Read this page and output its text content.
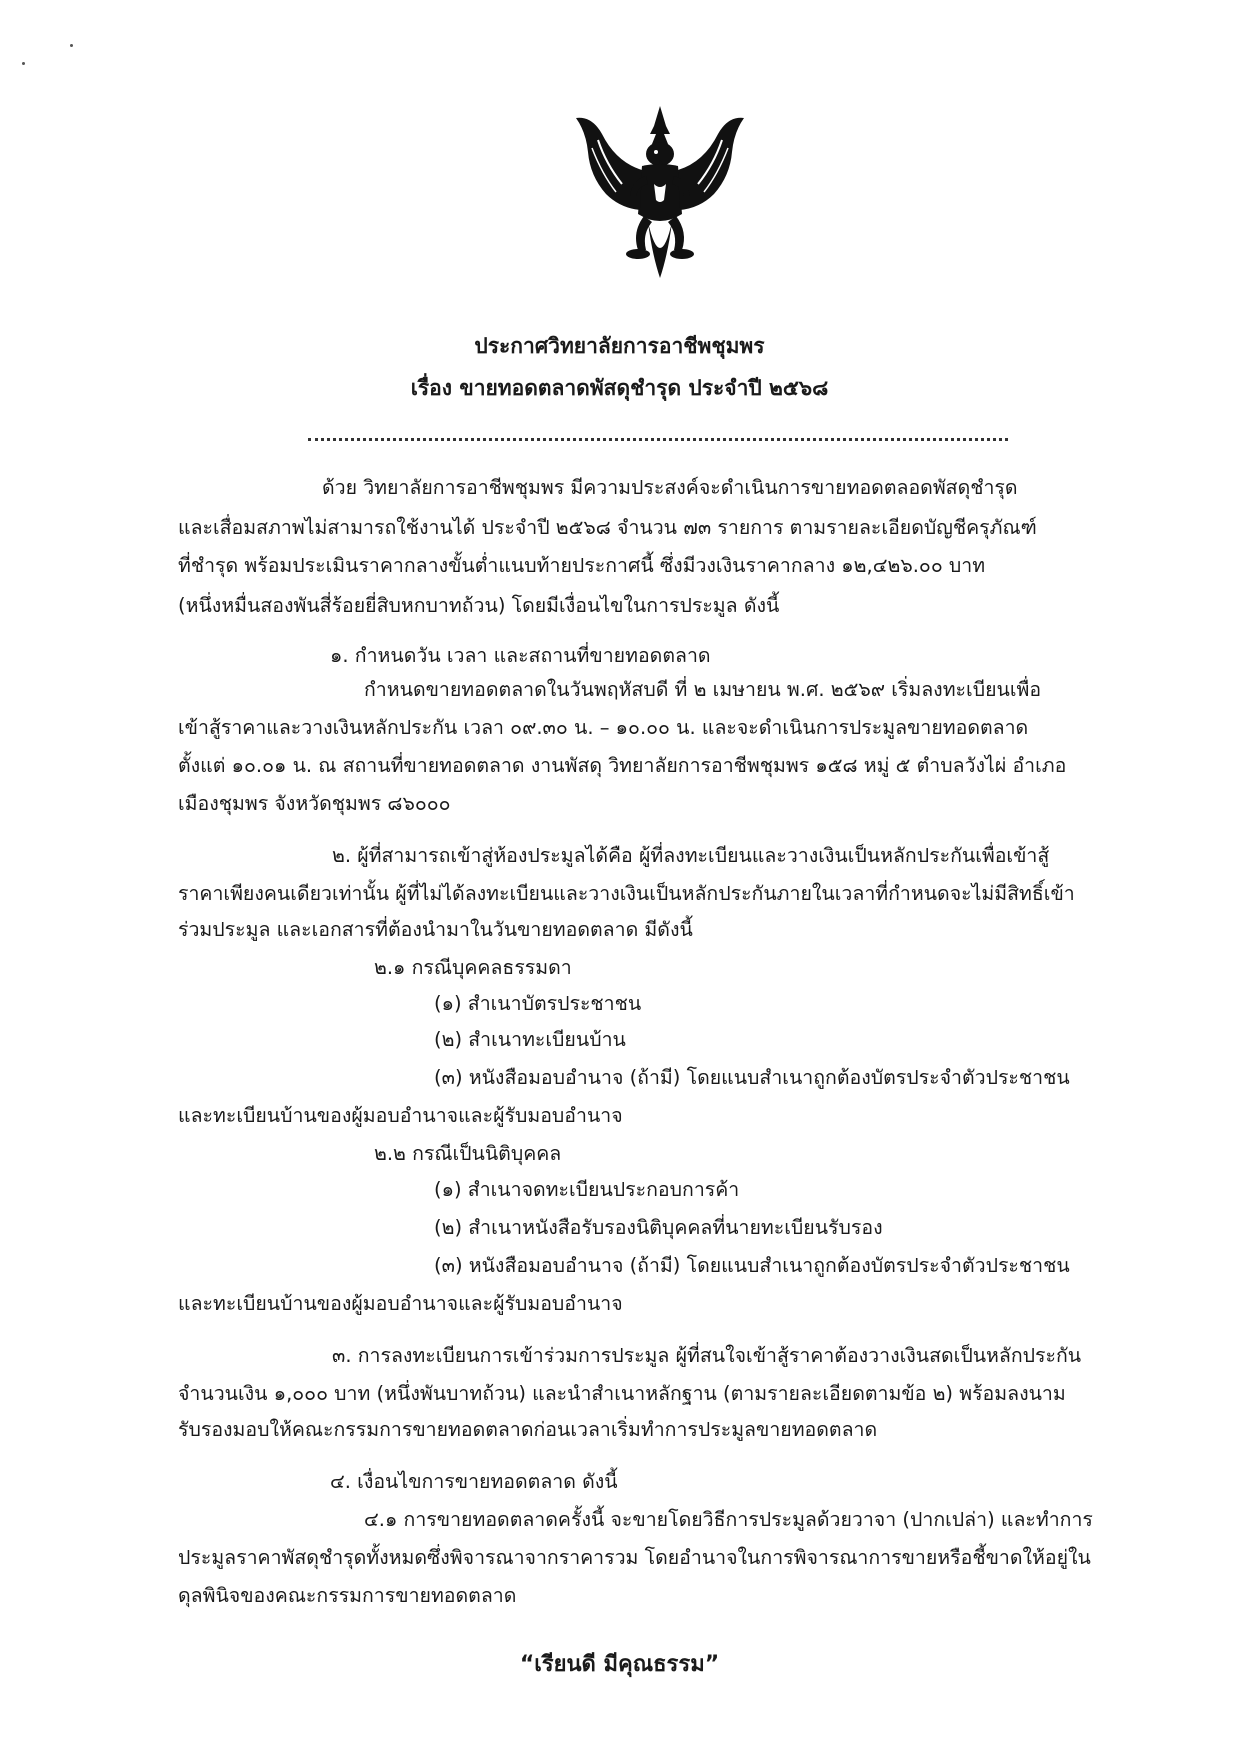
ประกาศวิทยาลัยการอาชีพชุมพร
เรื่อง ขายทอดตลาดพัสดุชำรุด ประจำปี ๒๕๖๘
ด้วย วิทยาลัยการอาชีพชุมพร มีความประสงค์จะดำเนินการขายทอดตลอดพัสดุชำรุด
และเสื่อมสภาพไม่สามารถใช้งานได้ ประจำปี ๒๕๖๘ จำนวน ๗๓ รายการ ตามรายละเอียดบัญชีครุภัณฑ์
ที่ชำรุด พร้อมประเมินราคากลางขั้นต่ำแนบท้ายประกาศนี้ ซึ่งมีวงเงินราคากลาง ๑๒,๔๒๖.๐๐ บาท
(หนึ่งหมื่นสองพันสี่ร้อยยี่สิบหกบาทถ้วน) โดยมีเงื่อนไขในการประมูล ดังนี้
๑. กำหนดวัน เวลา และสถานที่ขายทอดตลาด
กำหนดขายทอดตลาดในวันพฤหัสบดี ที่ ๒ เมษายน พ.ศ. ๒๕๖๙ เริ่มลงทะเบียนเพื่อ
เข้าสู้ราคาและวางเงินหลักประกัน เวลา ๐๙.๓๐ น. – ๑๐.๐๐ น. และจะดำเนินการประมูลขายทอดตลาด
ตั้งแต่ ๑๐.๐๑ น. ณ สถานที่ขายทอดตลาด งานพัสดุ วิทยาลัยการอาชีพชุมพร ๑๕๘ หมู่ ๕ ตำบลวังไผ่ อำเภอ
เมืองชุมพร จังหวัดชุมพร ๘๖๐๐๐
๒. ผู้ที่สามารถเข้าสู่ห้องประมูลได้คือ ผู้ที่ลงทะเบียนและวางเงินเป็นหลักประกันเพื่อเข้าสู้
ราคาเพียงคนเดียวเท่านั้น ผู้ที่ไม่ได้ลงทะเบียนและวางเงินเป็นหลักประกันภายในเวลาที่กำหนดจะไม่มีสิทธิ์เข้า
ร่วมประมูล และเอกสารที่ต้องนำมาในวันขายทอดตลาด มีดังนี้
๒.๑ กรณีบุคคลธรรมดา
(๑) สำเนาบัตรประชาชน
(๒) สำเนาทะเบียนบ้าน
(๓) หนังสือมอบอำนาจ (ถ้ามี) โดยแนบสำเนาถูกต้องบัตรประจำตัวประชาชน
และทะเบียนบ้านของผู้มอบอำนาจและผู้รับมอบอำนาจ
๒.๒ กรณีเป็นนิติบุคคล
(๑) สำเนาจดทะเบียนประกอบการค้า
(๒) สำเนาหนังสือรับรองนิติบุคคลที่นายทะเบียนรับรอง
(๓) หนังสือมอบอำนาจ (ถ้ามี) โดยแนบสำเนาถูกต้องบัตรประจำตัวประชาชน
และทะเบียนบ้านของผู้มอบอำนาจและผู้รับมอบอำนาจ
๓. การลงทะเบียนการเข้าร่วมการประมูล ผู้ที่สนใจเข้าสู้ราคาต้องวางเงินสดเป็นหลักประกัน
จำนวนเงิน ๑,๐๐๐ บาท (หนึ่งพันบาทถ้วน) และนำสำเนาหลักฐาน (ตามรายละเอียดตามข้อ ๒) พร้อมลงนาม
รับรองมอบให้คณะกรรมการขายทอดตลาดก่อนเวลาเริ่มทำการประมูลขายทอดตลาด
๔. เงื่อนไขการขายทอดตลาด ดังนี้
๔.๑ การขายทอดตลาดครั้งนี้ จะขายโดยวิธีการประมูลด้วยวาจา (ปากเปล่า) และทำการ
ประมูลราคาพัสดุชำรุดทั้งหมดซึ่งพิจารณาจากราคารวม โดยอำนาจในการพิจารณาการขายหรือชี้ขาดให้อยู่ใน
ดุลพินิจของคณะกรรมการขายทอดตลาด
“เรียนดี มีคุณธรรม”
